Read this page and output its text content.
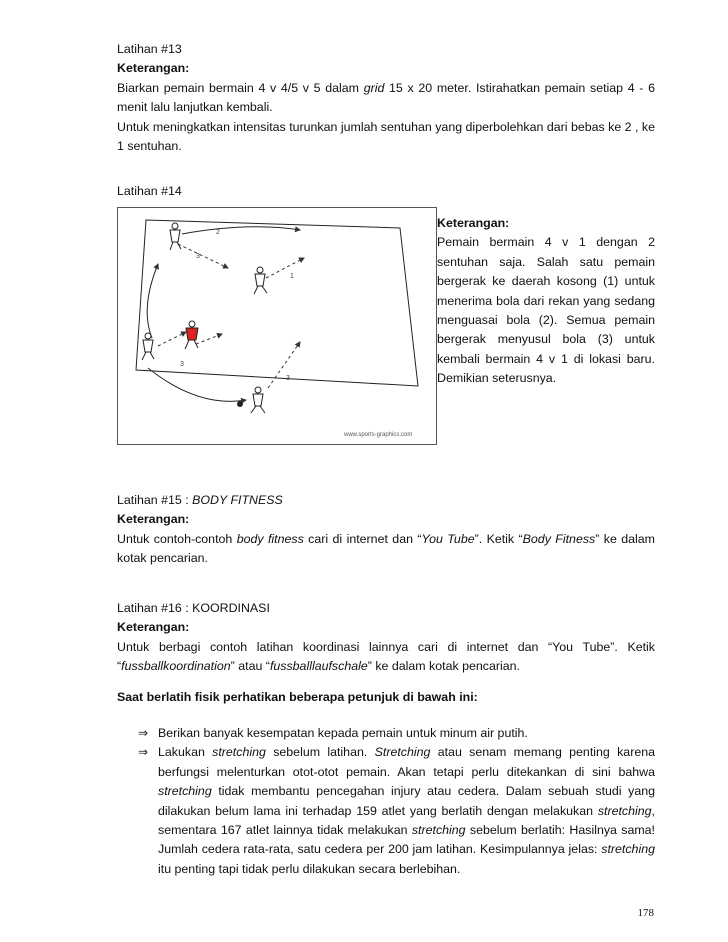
Latihan #13
Keterangan:
Biarkan pemain bermain 4 v 4/5 v 5 dalam grid 15 x 20 meter. Istirahatkan pemain setiap 4 - 6 menit lalu lanjutkan kembali.
Untuk meningkatkan intensitas turunkan jumlah sentuhan yang diperbolehkan dari bebas ke 2 , ke 1 sentuhan.
Latihan #14
2
3
1
3
3
www.sports-graphics.com
Keterangan:
Pemain bermain 4 v 1 dengan 2 sentuhan saja. Salah satu pemain bergerak ke daerah kosong (1) untuk menerima bola dari rekan yang sedang menguasai bola (2). Semua pemain bergerak menyusul bola (3) untuk kembali bermain 4 v 1 di lokasi baru. Demikian seterusnya.
Latihan #15 : BODY FITNESS
Keterangan:
Untuk contoh-contoh body fitness cari di internet dan “You Tube”. Ketik “Body Fitness” ke dalam kotak pencarian.
Latihan #16 : KOORDINASI
Keterangan:
Untuk berbagi contoh latihan koordinasi lainnya cari di internet dan “You Tube”. Ketik “fussballkoordination” atau “fussballlaufschale” ke dalam kotak pencarian.
Saat berlatih fisik perhatikan beberapa petunjuk di bawah ini:
⇒ Berikan banyak kesempatan kepada pemain untuk minum air putih.
⇒ Lakukan stretching sebelum latihan. Stretching atau senam memang penting karena berfungsi melenturkan otot-otot pemain. Akan tetapi perlu ditekankan di sini bahwa stretching tidak membantu pencegahan injury atau cedera. Dalam sebuah studi yang dilakukan belum lama ini terhadap 159 atlet yang berlatih dengan melakukan stretching, sementara 167 atlet lainnya tidak melakukan stretching sebelum berlatih: Hasilnya sama! Jumlah cedera rata-rata, satu cedera per 200 jam latihan. Kesimpulannya jelas: stretching itu penting tapi tidak perlu dilakukan secara berlebihan.
178
